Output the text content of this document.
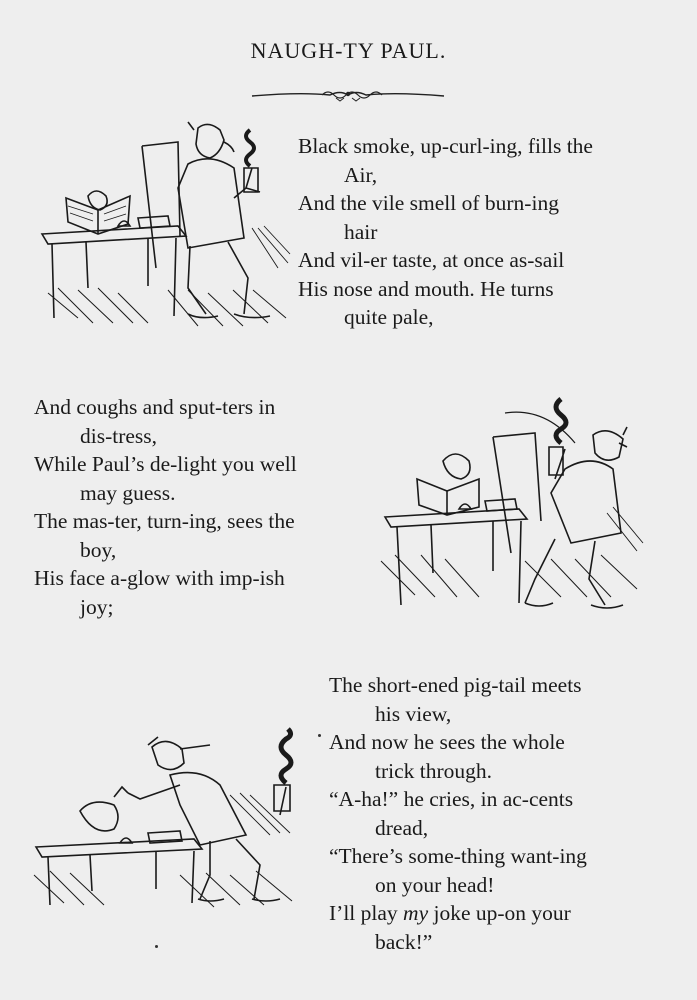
NAUGH-TY PAUL.
Black smoke, up-curl-ing, fills the
Air,
And the vile smell of burn-ing
hair
And vil-er taste, at once as-sail
His nose and mouth. He turns
quite pale,
And coughs and sput-ters in
dis-tress,
While Paul’s de-light you well
may guess.
The mas-ter, turn-ing, sees the
boy,
His face a-glow with imp-ish
joy;
The short-ened pig-tail meets
his view,
And now he sees the whole
trick through.
“A-ha!” he cries, in ac-cents
dread,
“There’s some-thing want-ing
on your head!
I’ll play my joke up-on your
back!”
